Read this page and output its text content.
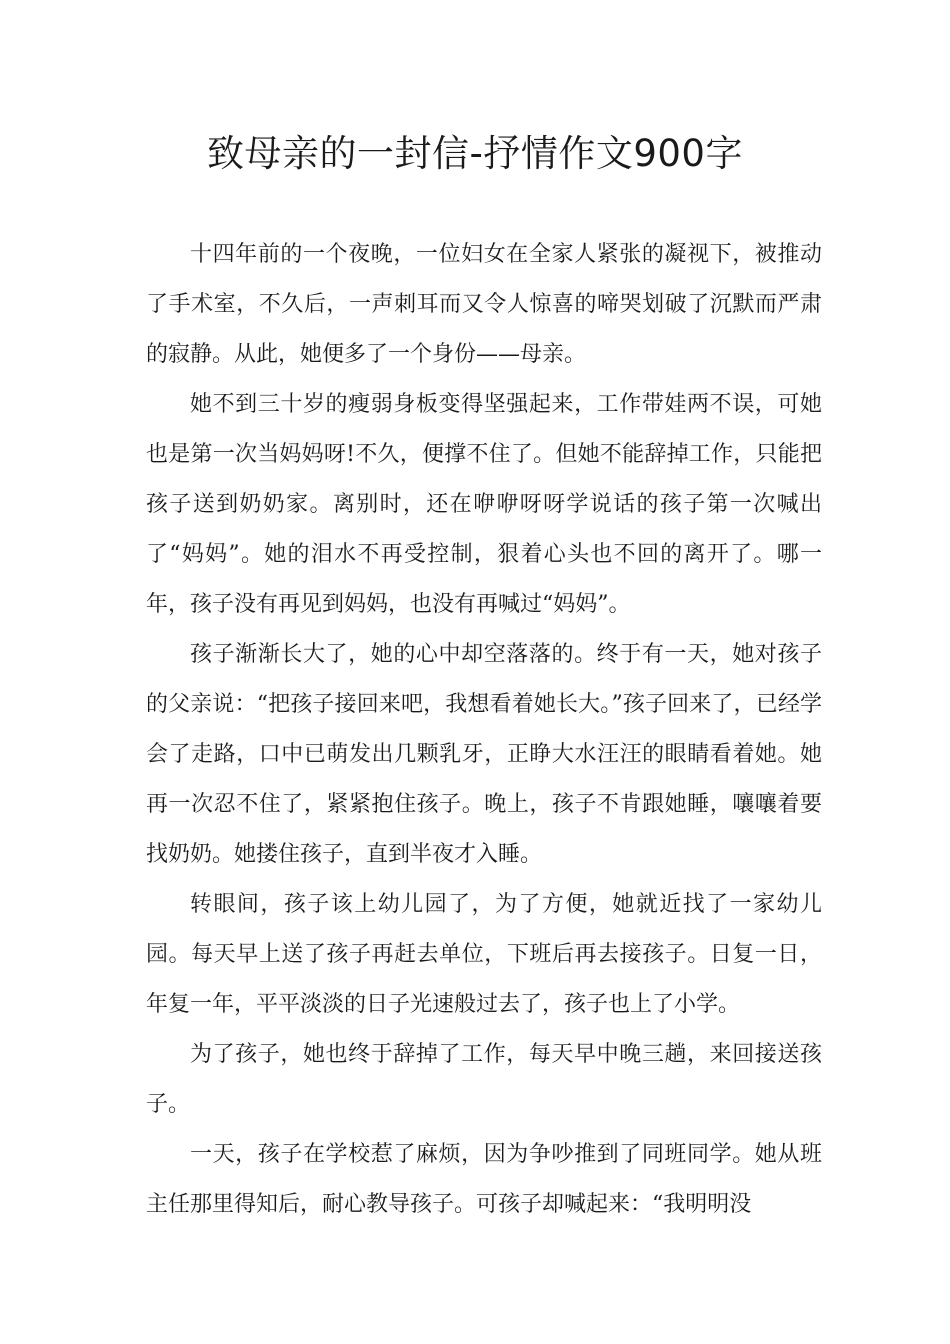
致母亲的一封信-抒情作文900字

十四年前的一个夜晚，一位妇女在全家人紧张的凝视下，被推动了手术室，不久后，一声刺耳而又令人惊喜的啼哭划破了沉默而严肃的寂静。从此，她便多了一个身份——母亲。

她不到三十岁的瘦弱身板变得坚强起来，工作带娃两不误，可她也是第一次当妈妈呀!不久，便撑不住了。但她不能辞掉工作，只能把孩子送到奶奶家。离别时，还在咿咿呀呀学说话的孩子第一次喊出了“妈妈”。她的泪水不再受控制，狠着心头也不回的离开了。哪一年，孩子没有再见到妈妈，也没有再喊过“妈妈”。

孩子渐渐长大了，她的心中却空落落的。终于有一天，她对孩子的父亲说：“把孩子接回来吧，我想看着她长大。”孩子回来了，已经学会了走路，口中已萌发出几颗乳牙，正睁大水汪汪的眼睛看着她。她再一次忍不住了，紧紧抱住孩子。晚上，孩子不肯跟她睡，嚷嚷着要找奶奶。她搂住孩子，直到半夜才入睡。

转眼间，孩子该上幼儿园了，为了方便，她就近找了一家幼儿园。每天早上送了孩子再赶去单位，下班后再去接孩子。日复一日，年复一年，平平淡淡的日子光速般过去了，孩子也上了小学。

为了孩子，她也终于辞掉了工作，每天早中晚三趟，来回接送孩子。

一天，孩子在学校惹了麻烦，因为争吵推到了同班同学。她从班主任那里得知后，耐心教导孩子。可孩子却喊起来：“我明明没
